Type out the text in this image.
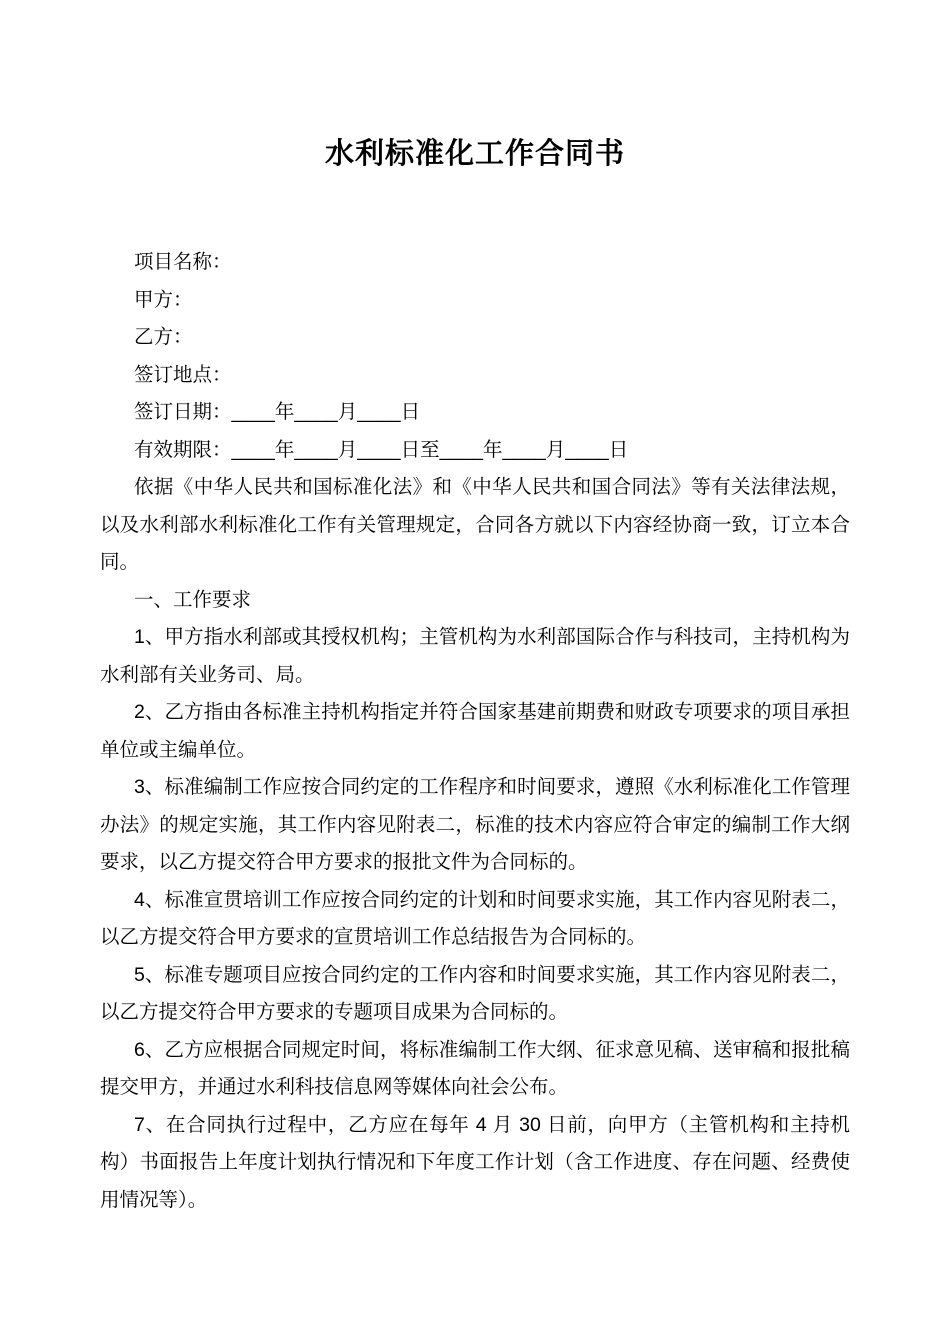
水利标准化工作合同书

项目名称：

甲方：

乙方：

签订地点：

签订日期：____年____月____日

有效期限：____年____月____日至____年____月____日

依据《中华人民共和国标准化法》和《中华人民共和国合同法》等有关法律法规，以及水利部水利标准化工作有关管理规定，合同各方就以下内容经协商一致，订立本合同。

一、工作要求

1、甲方指水利部或其授权机构；主管机构为水利部国际合作与科技司，主持机构为水利部有关业务司、局。

2、乙方指由各标准主持机构指定并符合国家基建前期费和财政专项要求的项目承担单位或主编单位。

3、标准编制工作应按合同约定的工作程序和时间要求，遵照《水利标准化工作管理办法》的规定实施，其工作内容见附表二，标准的技术内容应符合审定的编制工作大纲要求，以乙方提交符合甲方要求的报批文件为合同标的。

4、标准宣贯培训工作应按合同约定的计划和时间要求实施，其工作内容见附表二，以乙方提交符合甲方要求的宣贯培训工作总结报告为合同标的。

5、标准专题项目应按合同约定的工作内容和时间要求实施，其工作内容见附表二，以乙方提交符合甲方要求的专题项目成果为合同标的。

6、乙方应根据合同规定时间，将标准编制工作大纲、征求意见稿、送审稿和报批稿提交甲方，并通过水利科技信息网等媒体向社会公布。

7、在合同执行过程中，乙方应在每年 4 月 30 日前，向甲方（主管机构和主持机构）书面报告上年度计划执行情况和下年度工作计划（含工作进度、存在问题、经费使用情况等）。
